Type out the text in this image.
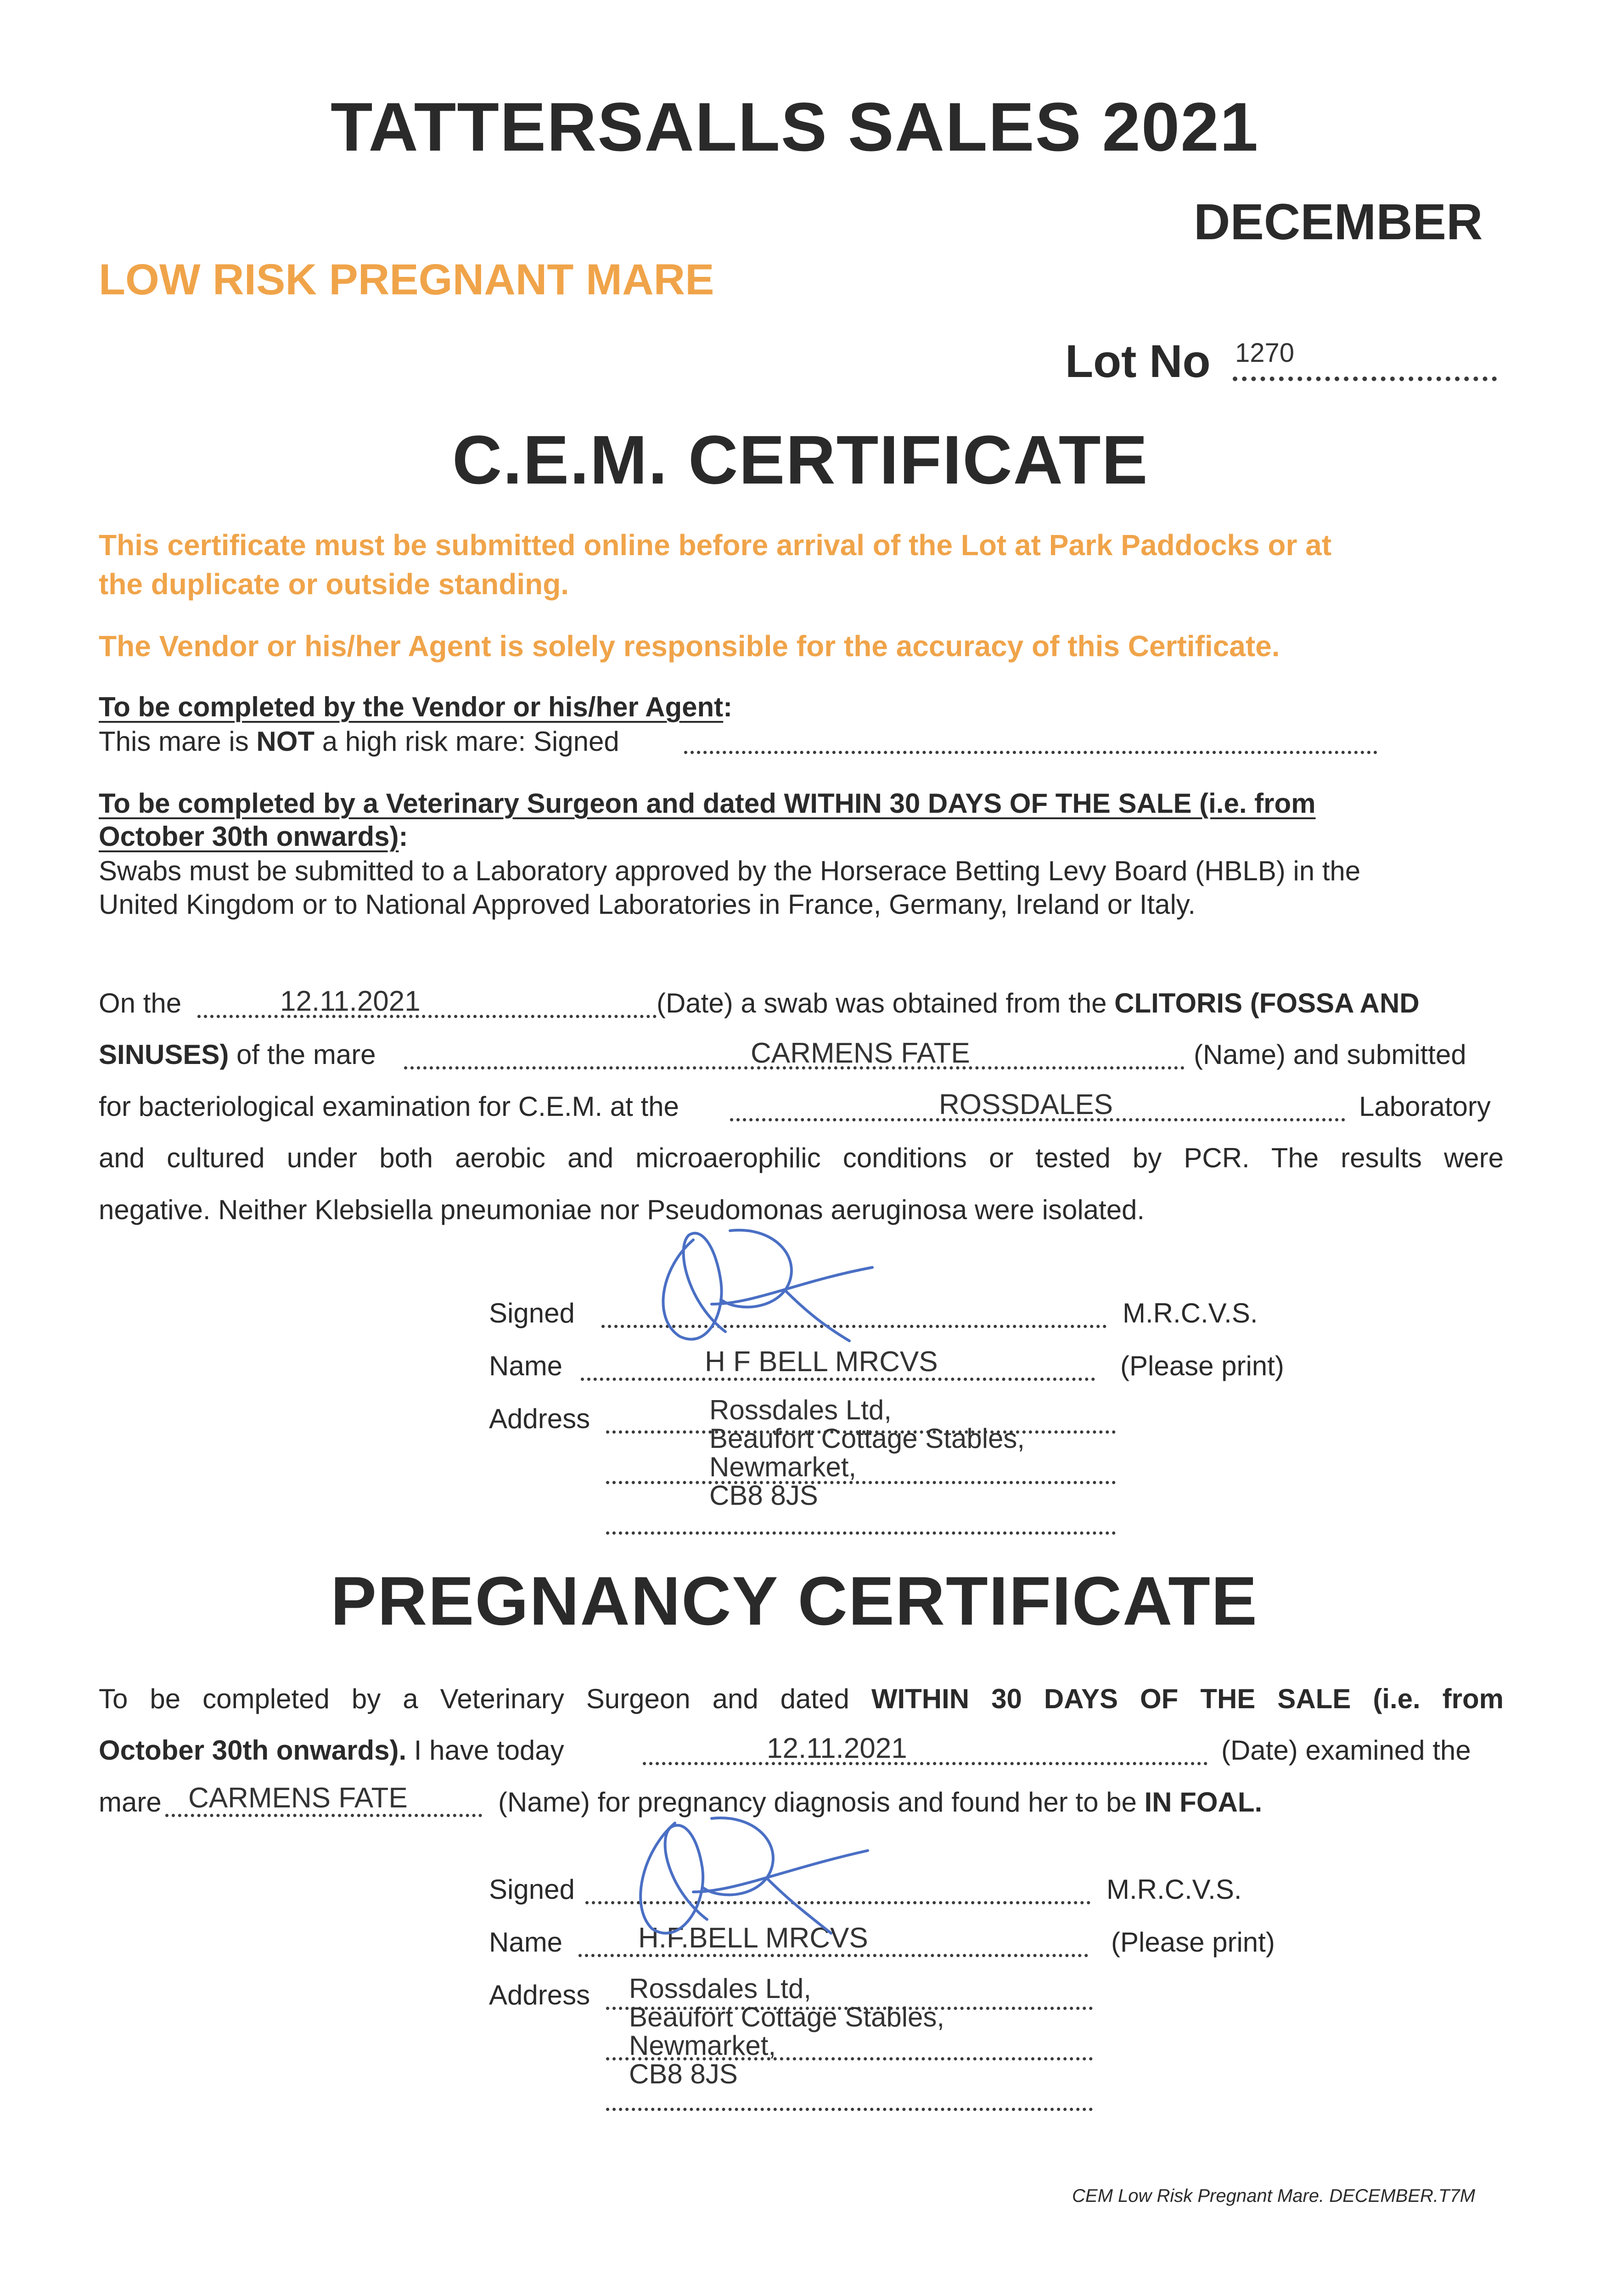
TATTERSALLS SALES 2021
DECEMBER
LOW RISK PREGNANT MARE
Lot No 1270
C.E.M. CERTIFICATE
This certificate must be submitted online before arrival of the Lot at Park Paddocks or at
the duplicate or outside standing.
The Vendor or his/her Agent is solely responsible for the accuracy of this Certificate.
To be completed by the Vendor or his/her Agent:
This mare is NOT a high risk mare: Signed
To be completed by a Veterinary Surgeon and dated WITHIN 30 DAYS OF THE SALE (i.e. from
October 30th onwards):
Swabs must be submitted to a Laboratory approved by the Horserace Betting Levy Board (HBLB) in the
United Kingdom or to National Approved Laboratories in France, Germany, Ireland or Italy.
On the	12.11.2021	(Date) a swab was obtained from the CLITORIS (FOSSA AND
SINUSES) of the mare	CARMENS FATE	(Name) and submitted
for bacteriological examination for C.E.M. at the	ROSSDALES	Laboratory
and cultured under both aerobic and microaerophilic conditions or tested by PCR. The results were
negative. Neither Klebsiella pneumoniae nor Pseudomonas aeruginosa were isolated.
Signed	M.R.C.V.S.
Name	H F BELL MRCVS	(Please print)
Address	Rossdales Ltd,
Beaufort Cottage Stables,
Newmarket,
CB8 8JS
PREGNANCY CERTIFICATE
To be completed by a Veterinary Surgeon and dated WITHIN 30 DAYS OF THE SALE (i.e. from
October 30th onwards). I have today	12.11.2021	(Date) examined the
mare CARMENS FATE	(Name) for pregnancy diagnosis and found her to be IN FOAL.
Signed	M.R.C.V.S.
Name	H.F.BELL MRCVS	(Please print)
Address Rossdales Ltd,
Beaufort Cottage Stables,
Newmarket,
CB8 8JS
CEM Low Risk Pregnant Mare. DECEMBER.T7M
